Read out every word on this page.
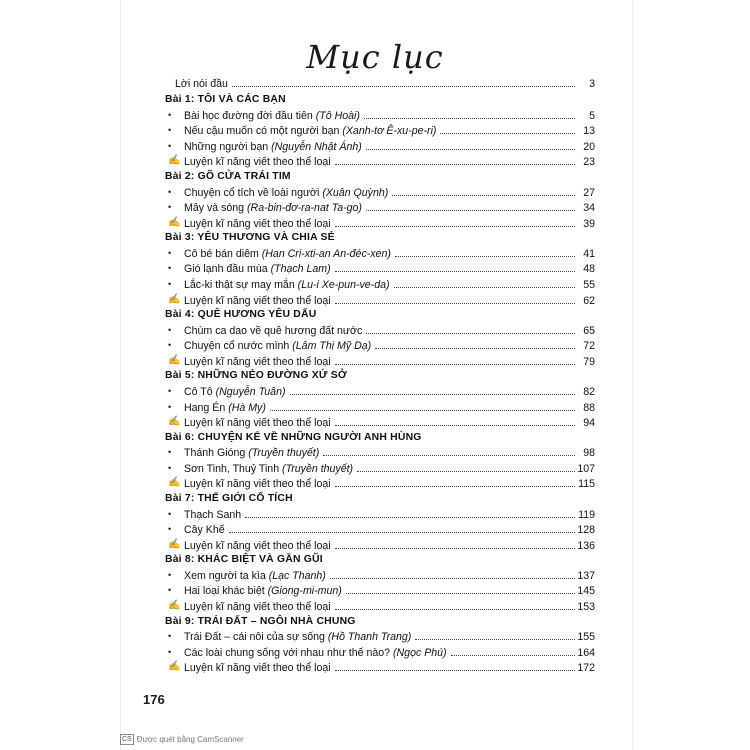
Mục lục
Lời nói đầu	3
Bài 1: TÔI VÀ CÁC BẠN
•	Bài học đường đời đầu tiên (Tô Hoài)	5
•	Nếu cậu muốn có một người bạn (Xanh-tơ Ê-xu-pe-ri)	13
•	Những người bạn (Nguyễn Nhật Ánh)	20
✍ Luyện kĩ năng viết theo thể loại	23
Bài 2: GÕ CỬA TRÁI TIM
•	Chuyện cổ tích về loài người (Xuân Quỳnh)	27
•	Mây và sóng (Ra-bin-đơ-ra-nat Ta-go)	34
✍ Luyện kĩ năng viết theo thể loại	39
Bài 3: YÊU THƯƠNG VÀ CHIA SẺ
•	Cô bé bán diêm (Han Cri-xti-an An-đéc-xen)	41
•	Gió lạnh đầu mùa (Thạch Lam)	48
•	Lắc-ki thật sự may mắn (Lu-i Xe-pun-ve-da)	55
✍ Luyện kĩ năng viết theo thể loại	62
Bài 4: QUÊ HƯƠNG YÊU DẤU
•	Chùm ca dao về quê hương đất nước	65
•	Chuyện cổ nước mình (Lâm Thị Mỹ Dạ)	72
✍ Luyện kĩ năng viết theo thể loại	79
Bài 5: NHỮNG NẺO ĐƯỜNG XỨ SỞ
•	Cô Tô (Nguyễn Tuân)	82
•	Hang Én (Hà My)	88
✍ Luyện kĩ năng viết theo thể loại	94
Bài 6: CHUYỆN KỂ VỀ NHỮNG NGƯỜI ANH HÙNG
•	Thánh Gióng (Truyền thuyết)	98
•	Sơn Tinh, Thuỷ Tinh (Truyền thuyết)	107
✍ Luyện kĩ năng viết theo thể loại	115
Bài 7: THẾ GIỚI CỔ TÍCH
•	Thạch Sanh	119
•	Cây Khế	128
✍ Luyện kĩ năng viết theo thể loại	136
Bài 8: KHÁC BIỆT VÀ GẦN GŨI
•	Xem người ta kìa (Lạc Thanh)	137
•	Hai loại khác biệt (Giong-mi-mun)	145
✍ Luyện kĩ năng viết theo thể loại	153
Bài 9: TRÁI ĐẤT – NGÔI NHÀ CHUNG
•	Trái Đất – cái nôi của sự sống (Hồ Thanh Trang)	155
•	Các loài chung sống với nhau như thế nào? (Ngọc Phú)	164
✍ Luyện kĩ năng viết theo thể loại	172
176
CS Được quét bằng CamScanner
